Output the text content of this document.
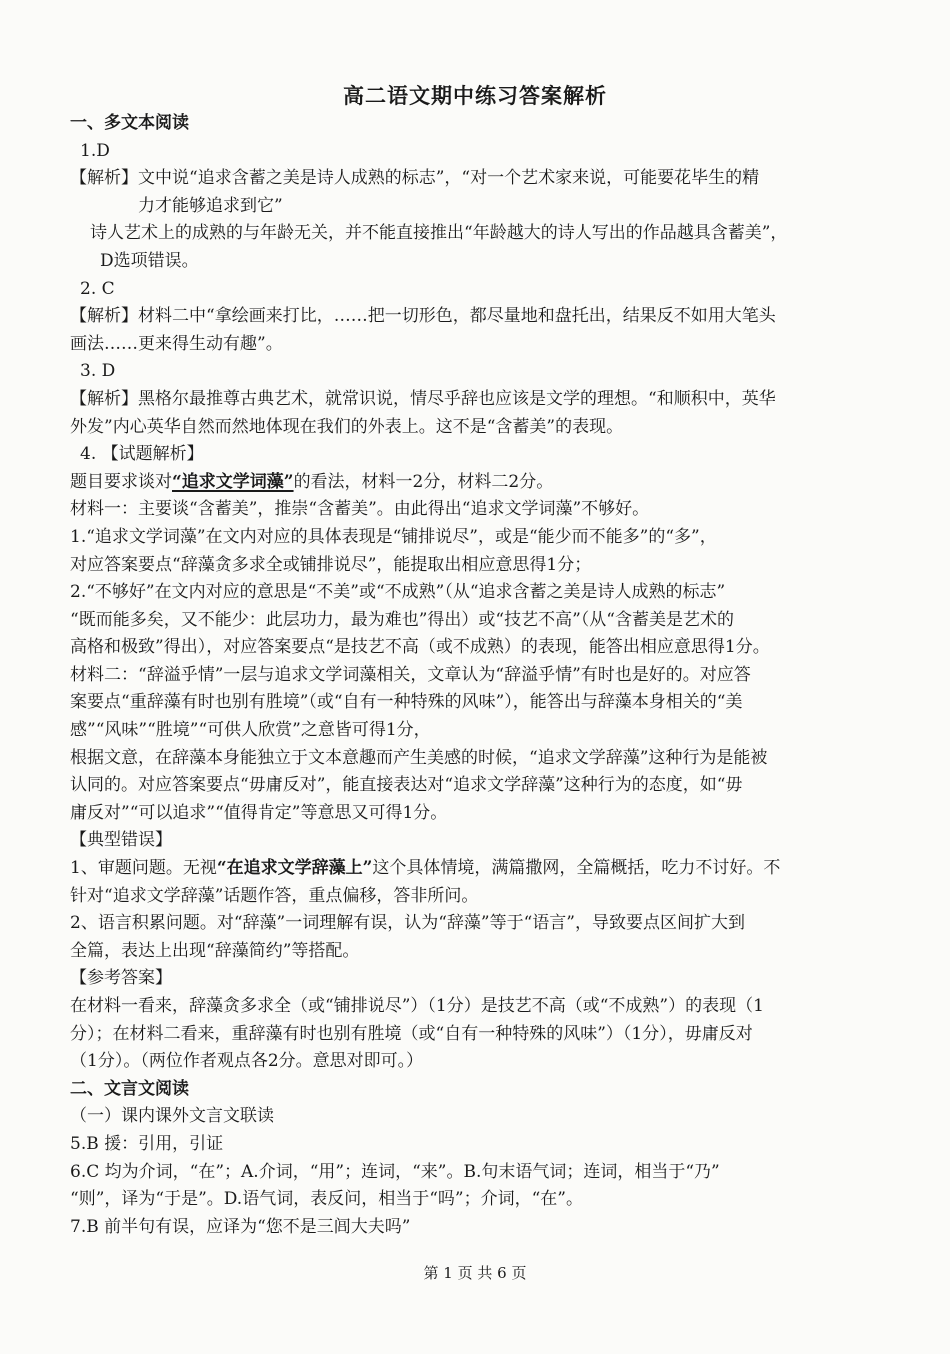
高二语文期中练习答案解析

一、多文本阅读

1.D

【解析】文中说“追求含蓄之美是诗人成熟的标志”，“对一个艺术家来说，可能要花毕生的精

力才能够追求到它”

诗人艺术上的成熟的与年龄无关，并不能直接推出“年龄越大的诗人写出的作品越具含蓄美”，

D选项错误。

2. C

【解析】材料二中“拿绘画来打比，……把一切形色，都尽量地和盘托出，结果反不如用大笔头

画法……更来得生动有趣”。

3. D

【解析】黑格尔最推尊古典艺术，就常识说，情尽乎辞也应该是文学的理想。“和顺积中，英华

外发”内心英华自然而然地体现在我们的外表上。这不是“含蓄美”的表现。

4. 【试题解析】

题目要求谈对“追求文学词藻”的看法，材料一2分，材料二2分。

材料一：主要谈“含蓄美”，推崇“含蓄美”。由此得出“追求文学词藻”不够好。

1.“追求文学词藻”在文内对应的具体表现是“铺排说尽”，或是“能少而不能多”的“多”，

对应答案要点“辞藻贪多求全或铺排说尽”，能提取出相应意思得1分；

2.“不够好”在文内对应的意思是“不美”或“不成熟”（从“追求含蓄之美是诗人成熟的标志”

“既而能多矣，又不能少：此层功力，最为难也”得出）或“技艺不高”（从“含蓄美是艺术的

高格和极致”得出），对应答案要点“是技艺不高（或不成熟）的表现，能答出相应意思得1分。

材料二：“辞溢乎情”一层与追求文学词藻相关，文章认为“辞溢乎情”有时也是好的。对应答

案要点“重辞藻有时也别有胜境”（或“自有一种特殊的风味”），能答出与辞藻本身相关的“美

感”“风味”“胜境”“可供人欣赏”之意皆可得1分，

根据文意，在辞藻本身能独立于文本意趣而产生美感的时候，“追求文学辞藻”这种行为是能被

认同的。对应答案要点“毋庸反对”，能直接表达对“追求文学辞藻”这种行为的态度，如“毋

庸反对”“可以追求”“值得肯定”等意思又可得1分。

【典型错误】

1、审题问题。无视“在追求文学辞藻上”这个具体情境，满篇撒网，全篇概括，吃力不讨好。不

针对“追求文学辞藻”话题作答，重点偏移，答非所问。

2、语言积累问题。对“辞藻”一词理解有误，认为“辞藻”等于“语言”，导致要点区间扩大到

全篇，表达上出现“辞藻简约”等搭配。

【参考答案】

在材料一看来，辞藻贪多求全（或“铺排说尽”）（1分）是技艺不高（或“不成熟”）的表现（1

分）；在材料二看来，重辞藻有时也别有胜境（或“自有一种特殊的风味”）（1分），毋庸反对

（1分）。（两位作者观点各2分。意思对即可。）

二、文言文阅读

（一）课内课外文言文联读

5.B 援：引用，引证

6.C 均为介词，“在”；A.介词，“用”；连词，“来”。B.句末语气词；连词，相当于“乃”

“则”，译为“于是”。D.语气词，表反问，相当于“吗”；介词，“在”。

7.B 前半句有误，应译为“您不是三闾大夫吗”

第 1 页 共 6 页
